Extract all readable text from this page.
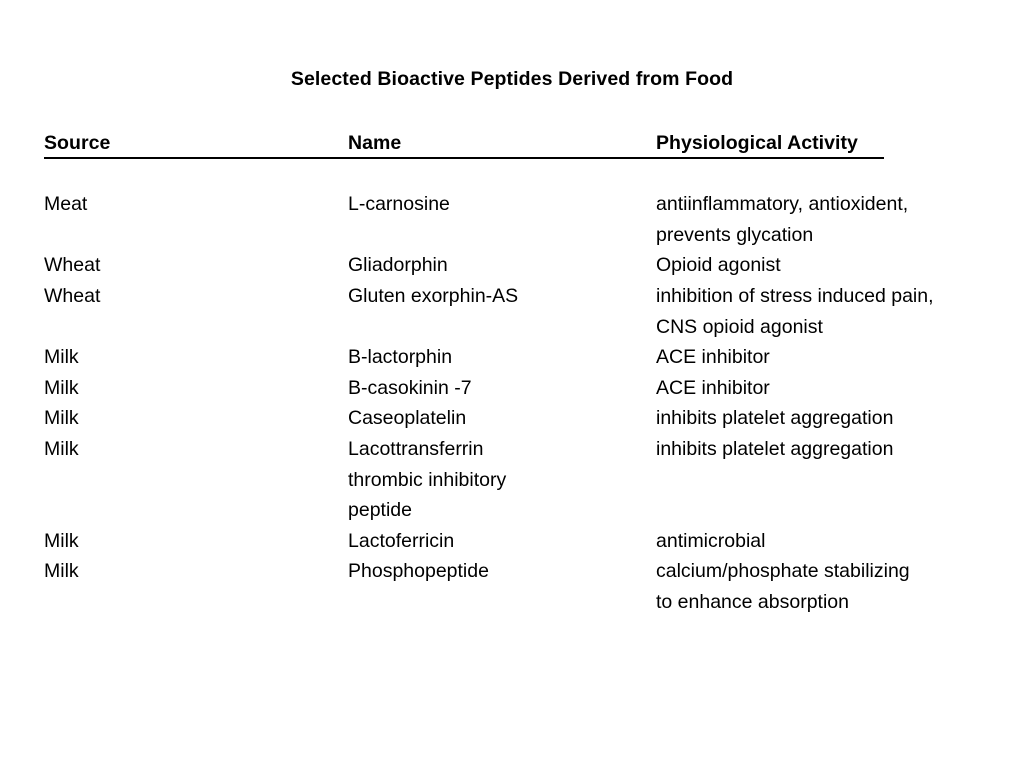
Selected Bioactive Peptides Derived from Food
Source	Name	Physiological Activity
Meat	L-carnosine	antiinflammatory, antioxident,
prevents glycation
Wheat	Gliadorphin	Opioid agonist
Wheat	Gluten exorphin-AS	inhibition of stress induced pain,
CNS opioid agonist
Milk	B-lactorphin	ACE inhibitor
Milk	B-casokinin -7	ACE inhibitor
Milk	Caseoplatelin	inhibits platelet aggregation
Milk	Lacottransferrin	inhibits platelet aggregation
thrombic inhibitory
peptide
Milk	Lactoferricin	antimicrobial
Milk	Phosphopeptide	calcium/phosphate stabilizing
to enhance absorption
